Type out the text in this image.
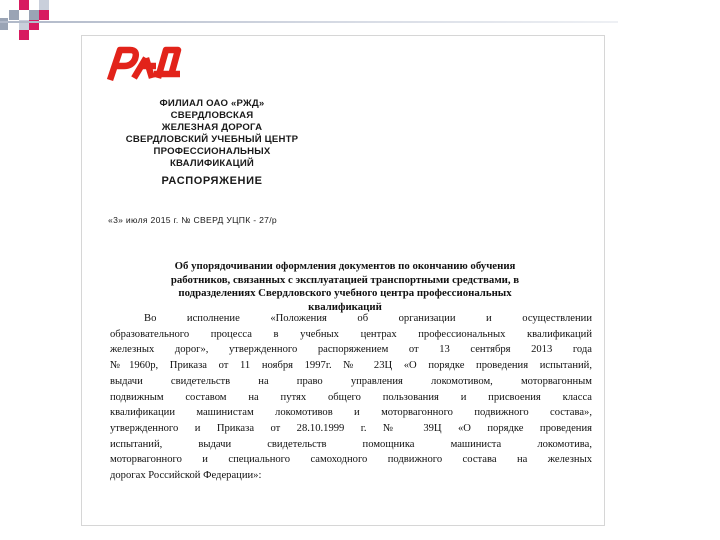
ФИЛИАЛ ОАО «РЖД»
СВЕРДЛОВСКАЯ
ЖЕЛЕЗНАЯ ДОРОГА
СВЕРДЛОВСКИЙ УЧЕБНЫЙ ЦЕНТР
ПРОФЕССИОНАЛЬНЫХ
КВАЛИФИКАЦИЙ
РАСПОРЯЖЕНИЕ
«3» июля 2015 г. № СВЕРД УЦПК - 27/р
Об упорядочивании оформления документов по окончанию обучения
работников, связанных с эксплуатацией транспортными средствами, в
подразделениях Свердловского учебного центра профессиональных
квалификаций
Во исполнение «Положения об организации и осуществлении
образовательного процесса в учебных центрах профессиональных квалификаций
железных дорог», утвержденного распоряжением от 13 сентября 2013 года
№1960р, Приказа от 11 ноября 1997г. № 23Ц «О порядке проведения испытаний,
выдачи свидетельств на право управления локомотивом, моторвагонным
подвижным составом на путях общего пользования и присвоения класса
квалификации машинистам локомотивов и моторвагонного подвижного состава»,
утвержденного и Приказа от 28.10.1999 г. № 39Ц «О порядке проведения
испытаний, выдачи свидетельств помощника машиниста локомотива,
моторвагонного и специального самоходного подвижного состава на железных
дорогах Российской Федерации»:
